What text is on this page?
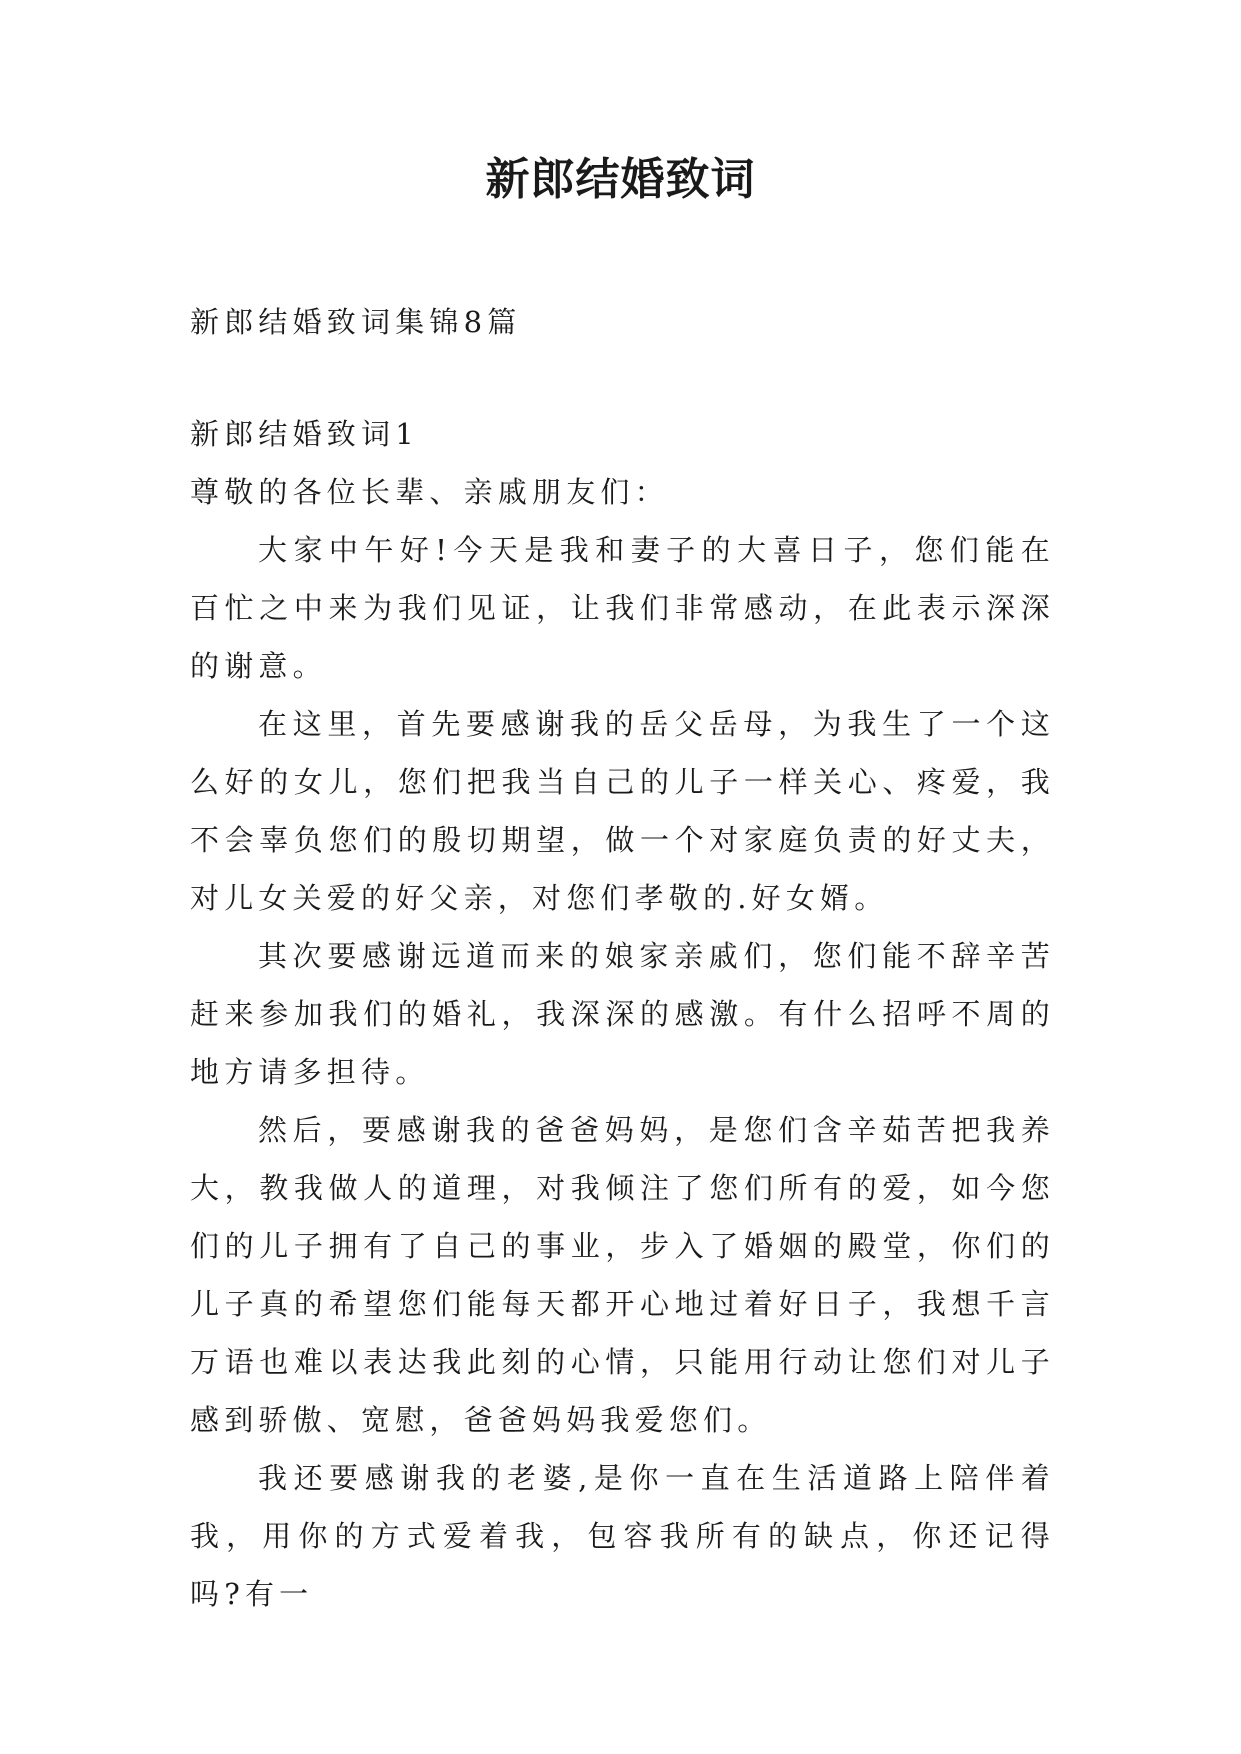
新郎结婚致词

新郎结婚致词集锦8篇

新郎结婚致词1

尊敬的各位长辈、亲戚朋友们：

大家中午好!今天是我和妻子的大喜日子，您们能在百忙之中来为我们见证，让我们非常感动，在此表示深深的谢意。

在这里，首先要感谢我的岳父岳母，为我生了一个这么好的女儿，您们把我当自己的儿子一样关心、疼爱，我不会辜负您们的殷切期望，做一个对家庭负责的好丈夫，对儿女关爱的好父亲，对您们孝敬的.好女婿。

其次要感谢远道而来的娘家亲戚们，您们能不辞辛苦赶来参加我们的婚礼，我深深的感激。有什么招呼不周的地方请多担待。

然后，要感谢我的爸爸妈妈，是您们含辛茹苦把我养大，教我做人的道理，对我倾注了您们所有的爱，如今您们的儿子拥有了自己的事业，步入了婚姻的殿堂，你们的儿子真的希望您们能每天都开心地过着好日子，我想千言万语也难以表达我此刻的心情，只能用行动让您们对儿子感到骄傲、宽慰，爸爸妈妈我爱您们。

我还要感谢我的老婆,是你一直在生活道路上陪伴着我，用你的方式爱着我，包容我所有的缺点，你还记得吗?有一
